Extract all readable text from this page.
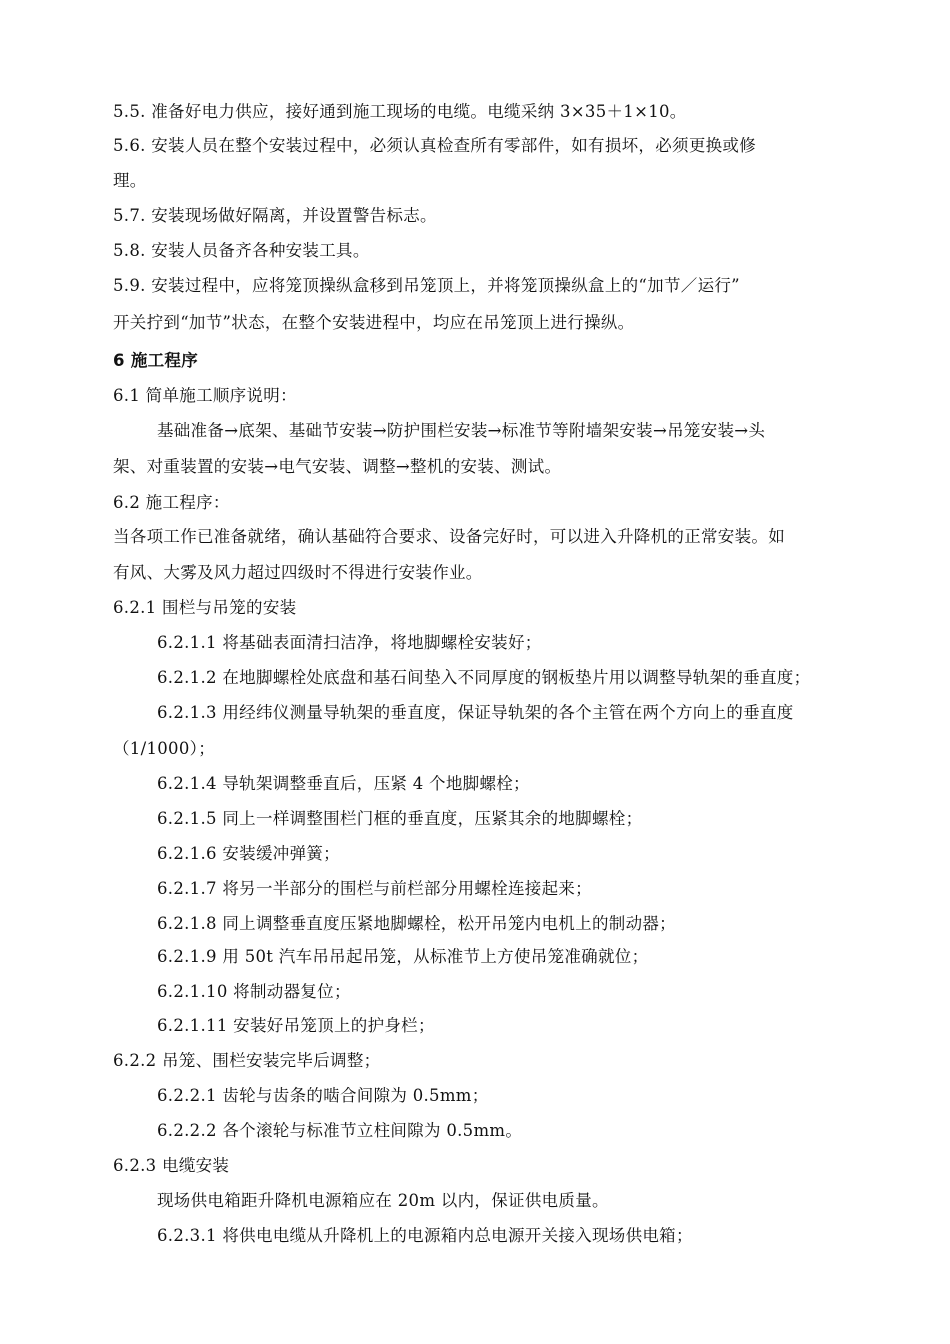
5.5. 准备好电力供应，接好通到施工现场的电缆。电缆采纳 3×35＋1×10。
5.6. 安装人员在整个安装过程中，必须认真检查所有零部件，如有损坏，必须更换或修
理。
5.7. 安装现场做好隔离，并设置警告标志。
5.8. 安装人员备齐各种安装工具。
5.9. 安装过程中，应将笼顶操纵盒移到吊笼顶上，并将笼顶操纵盒上的“加节／运行”
开关拧到“加节”状态，在整个安装进程中，均应在吊笼顶上进行操纵。
6 施工程序
6.1 简单施工顺序说明：
基础准备→底架、基础节安装→防护围栏安装→标准节等附墙架安装→吊笼安装→头
架、对重装置的安装→电气安装、调整→整机的安装、测试。
6.2 施工程序：
当各项工作已准备就绪，确认基础符合要求、设备完好时，可以进入升降机的正常安装。如
有风、大雾及风力超过四级时不得进行安装作业。
6.2.1 围栏与吊笼的安装
6.2.1.1 将基础表面清扫洁净，将地脚螺栓安装好；
6.2.1.2 在地脚螺栓处底盘和基石间垫入不同厚度的钢板垫片用以调整导轨架的垂直度；
6.2.1.3 用经纬仪测量导轨架的垂直度，保证导轨架的各个主管在两个方向上的垂直度
（1/1000）；
6.2.1.4 导轨架调整垂直后，压紧 4 个地脚螺栓；
6.2.1.5 同上一样调整围栏门框的垂直度，压紧其余的地脚螺栓；
6.2.1.6 安装缓冲弹簧；
6.2.1.7 将另一半部分的围栏与前栏部分用螺栓连接起来；
6.2.1.8 同上调整垂直度压紧地脚螺栓，松开吊笼内电机上的制动器；
6.2.1.9 用 50t 汽车吊吊起吊笼，从标准节上方使吊笼准确就位；
6.2.1.10 将制动器复位；
6.2.1.11 安装好吊笼顶上的护身栏；
6.2.2 吊笼、围栏安装完毕后调整；
6.2.2.1 齿轮与齿条的啮合间隙为 0.5mm；
6.2.2.2 各个滚轮与标准节立柱间隙为 0.5mm。
6.2.3 电缆安装
现场供电箱距升降机电源箱应在 20m 以内，保证供电质量。
6.2.3.1 将供电电缆从升降机上的电源箱内总电源开关接入现场供电箱；
